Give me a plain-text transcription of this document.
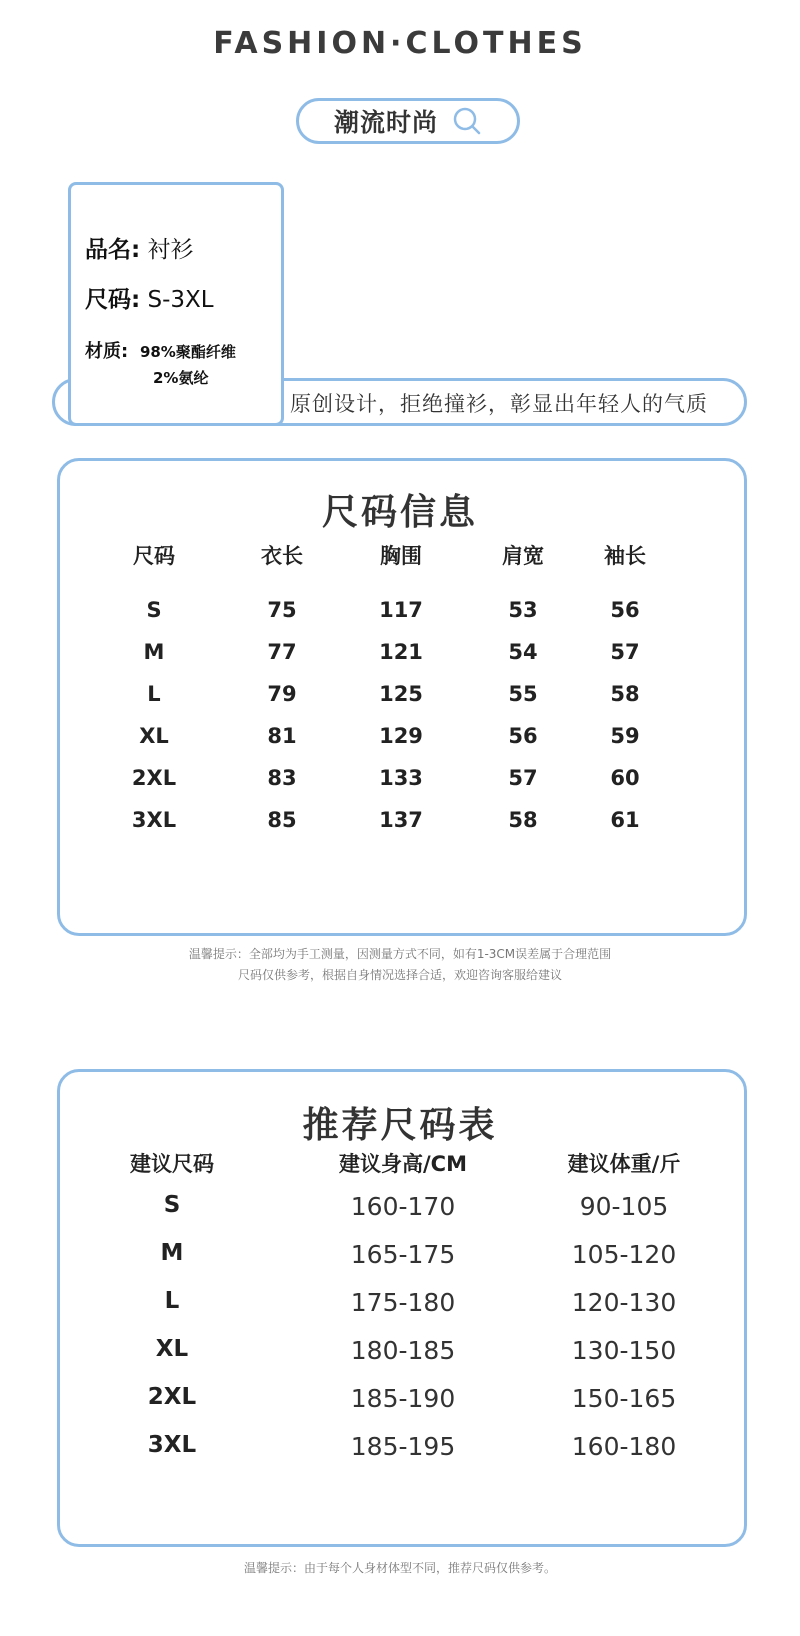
FASHION·CLOTHES
潮流时尚
原创设计，拒绝撞衫，彰显出年轻人的气质
品名: 衬衫
尺码: S-3XL
材质: 98%聚酯纤维
2%氨纶
尺码信息
尺码	衣长	胸围	肩宽	袖长
S	75	117	53	56
M	77	121	54	57
L	79	125	55	58
XL	81	129	56	59
2XL	83	133	57	60
3XL	85	137	58	61
温馨提示：全部均为手工测量，因测量方式不同，如有1-3CM误差属于合理范围
尺码仅供参考，根据自身情况选择合适，欢迎咨询客服给建议
推荐尺码表
建议尺码	建议身高/CM	建议体重/斤
S	160-170	90-105
M	165-175	105-120
L	175-180	120-130
XL	180-185	130-150
2XL	185-190	150-165
3XL	185-195	160-180
温馨提示：由于每个人身材体型不同，推荐尺码仅供参考。
